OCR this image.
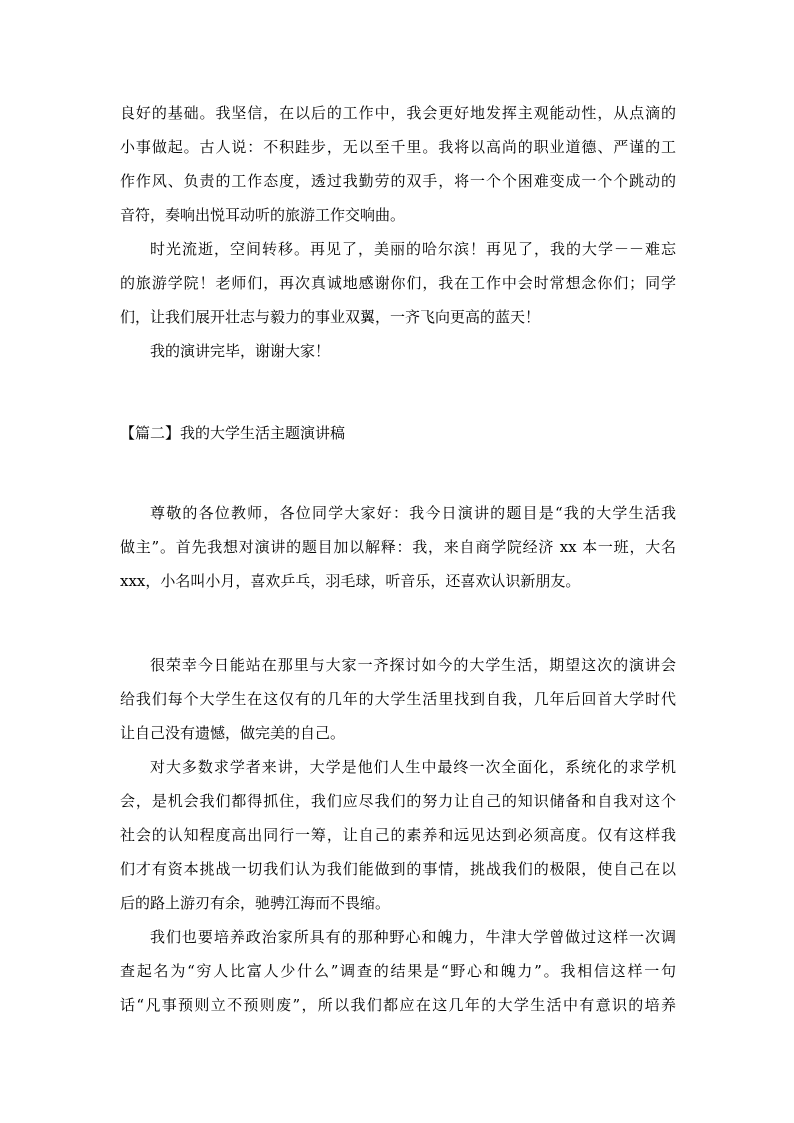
良好的基础。我坚信，在以后的工作中，我会更好地发挥主观能动性，从点滴的
小事做起。古人说：不积跬步，无以至千里。我将以高尚的职业道德、严谨的工
作作风、负责的工作态度，透过我勤劳的双手，将一个个困难变成一个个跳动的
音符，奏响出悦耳动听的旅游工作交响曲。
时光流逝，空间转移。再见了，美丽的哈尔滨！再见了，我的大学－－难忘
的旅游学院！老师们，再次真诚地感谢你们，我在工作中会时常想念你们；同学
们，让我们展开壮志与毅力的事业双翼，一齐飞向更高的蓝天！
我的演讲完毕，谢谢大家！
【篇二】我的大学生活主题演讲稿
尊敬的各位教师，各位同学大家好：我今日演讲的题目是“我的大学生活我
做主”。首先我想对演讲的题目加以解释：我，来自商学院经济 xx 本一班，大名
xxx，小名叫小月，喜欢乒乓，羽毛球，听音乐，还喜欢认识新朋友。
很荣幸今日能站在那里与大家一齐探讨如今的大学生活，期望这次的演讲会
给我们每个大学生在这仅有的几年的大学生活里找到自我，几年后回首大学时代
让自己没有遗憾，做完美的自己。
对大多数求学者来讲，大学是他们人生中最终一次全面化，系统化的求学机
会，是机会我们都得抓住，我们应尽我们的努力让自己的知识储备和自我对这个
社会的认知程度高出同行一筹，让自己的素养和远见达到必须高度。仅有这样我
们才有资本挑战一切我们认为我们能做到的事情，挑战我们的极限，使自己在以
后的路上游刃有余，驰骋江海而不畏缩。
我们也要培养政治家所具有的那种野心和魄力，牛津大学曾做过这样一次调
查起名为“穷人比富人少什么”调查的结果是“野心和魄力”。我相信这样一句
话“凡事预则立不预则废”，所以我们都应在这几年的大学生活中有意识的培养
